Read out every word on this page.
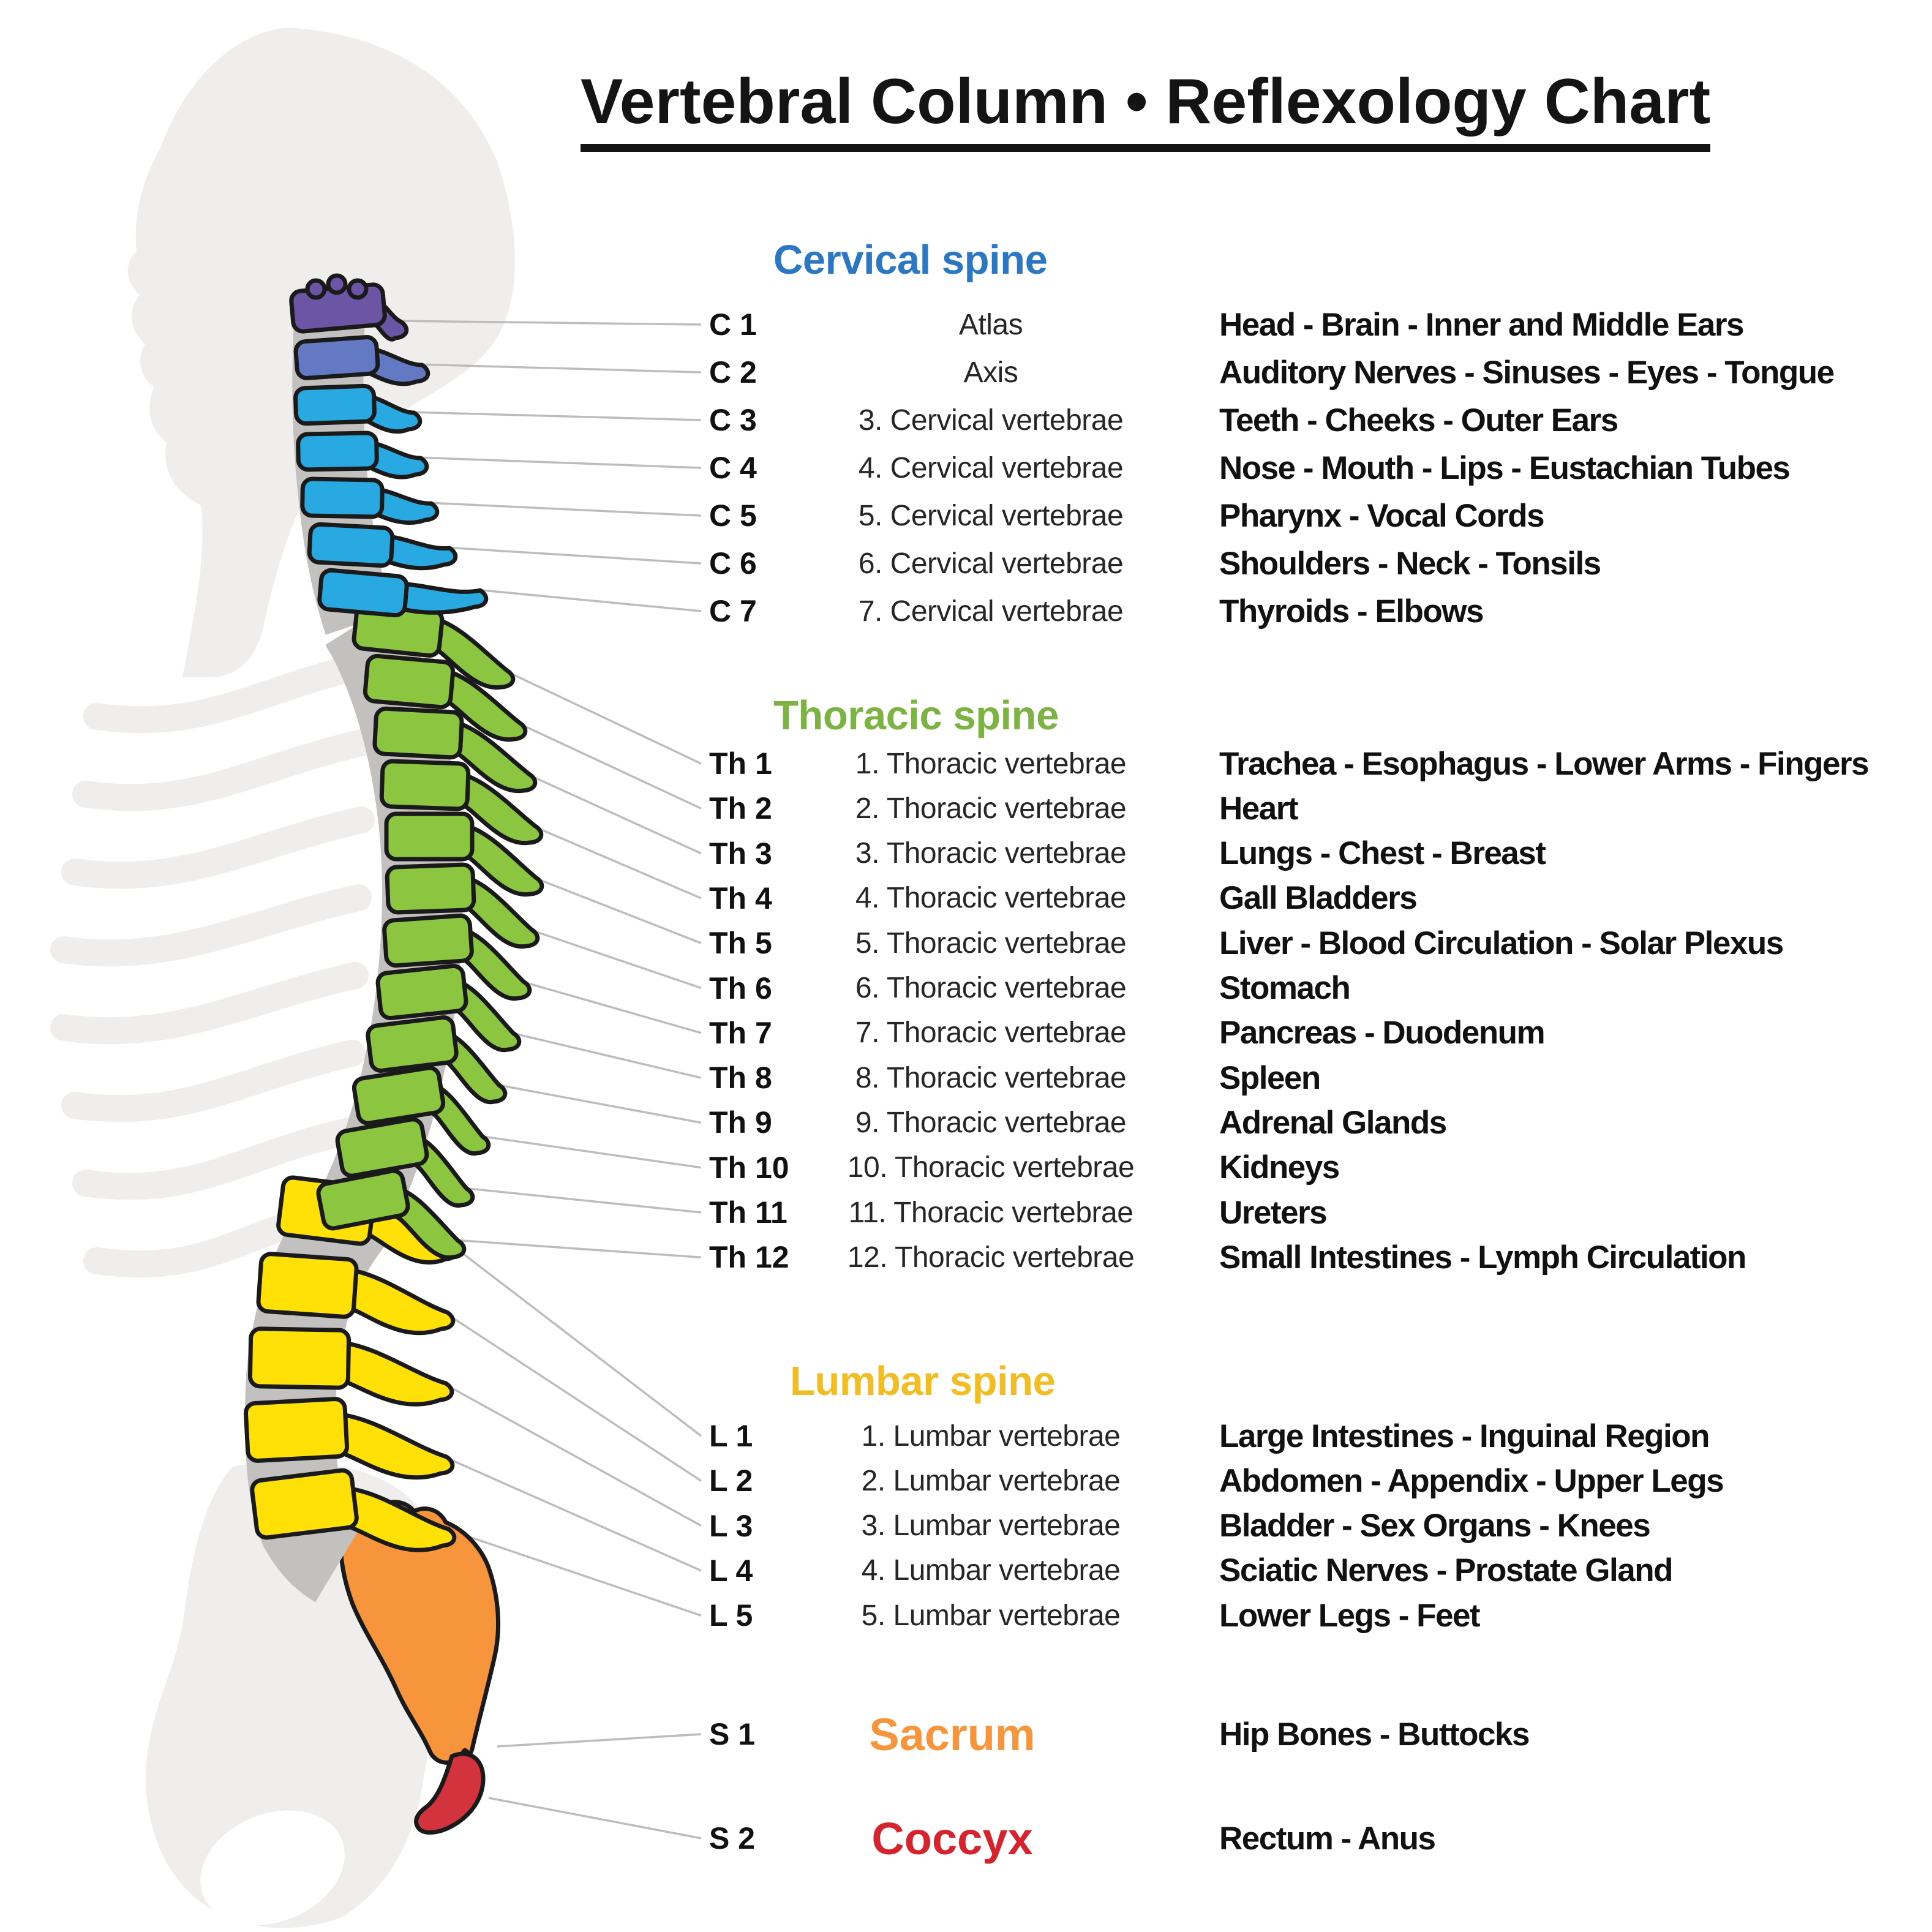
Vertebral Column • Reflexology Chart
Cervical spine
C 1	Atlas	Head - Brain - Inner and Middle Ears
C 2	Axis	Auditory Nerves - Sinuses - Eyes - Tongue
C 3	3. Cervical vertebrae	Teeth - Cheeks - Outer Ears
C 4	4. Cervical vertebrae	Nose - Mouth - Lips - Eustachian Tubes
C 5	5. Cervical vertebrae	Pharynx - Vocal Cords
C 6	6. Cervical vertebrae	Shoulders - Neck - Tonsils
C 7	7. Cervical vertebrae	Thyroids - Elbows
Thoracic spine
Th 1	1. Thoracic vertebrae	Trachea - Esophagus - Lower Arms - Fingers
Th 2	2. Thoracic vertebrae	Heart
Th 3	3. Thoracic vertebrae	Lungs - Chest - Breast
Th 4	4. Thoracic vertebrae	Gall Bladders
Th 5	5. Thoracic vertebrae	Liver - Blood Circulation - Solar Plexus
Th 6	6. Thoracic vertebrae	Stomach
Th 7	7. Thoracic vertebrae	Pancreas - Duodenum
Th 8	8. Thoracic vertebrae	Spleen
Th 9	9. Thoracic vertebrae	Adrenal Glands
Th 10	10. Thoracic vertebrae	Kidneys
Th 11	11. Thoracic vertebrae	Ureters
Th 12	12. Thoracic vertebrae	Small Intestines - Lymph Circulation
Lumbar spine
L 1	1. Lumbar vertebrae	Large Intestines - Inguinal Region
L 2	2. Lumbar vertebrae	Abdomen - Appendix - Upper Legs
L 3	3. Lumbar vertebrae	Bladder - Sex Organs - Knees
L 4	4. Lumbar vertebrae	Sciatic Nerves - Prostate Gland
L 5	5. Lumbar vertebrae	Lower Legs - Feet
Sacrum
S 1	Hip Bones - Buttocks
Coccyx
S 2	Rectum - Anus
